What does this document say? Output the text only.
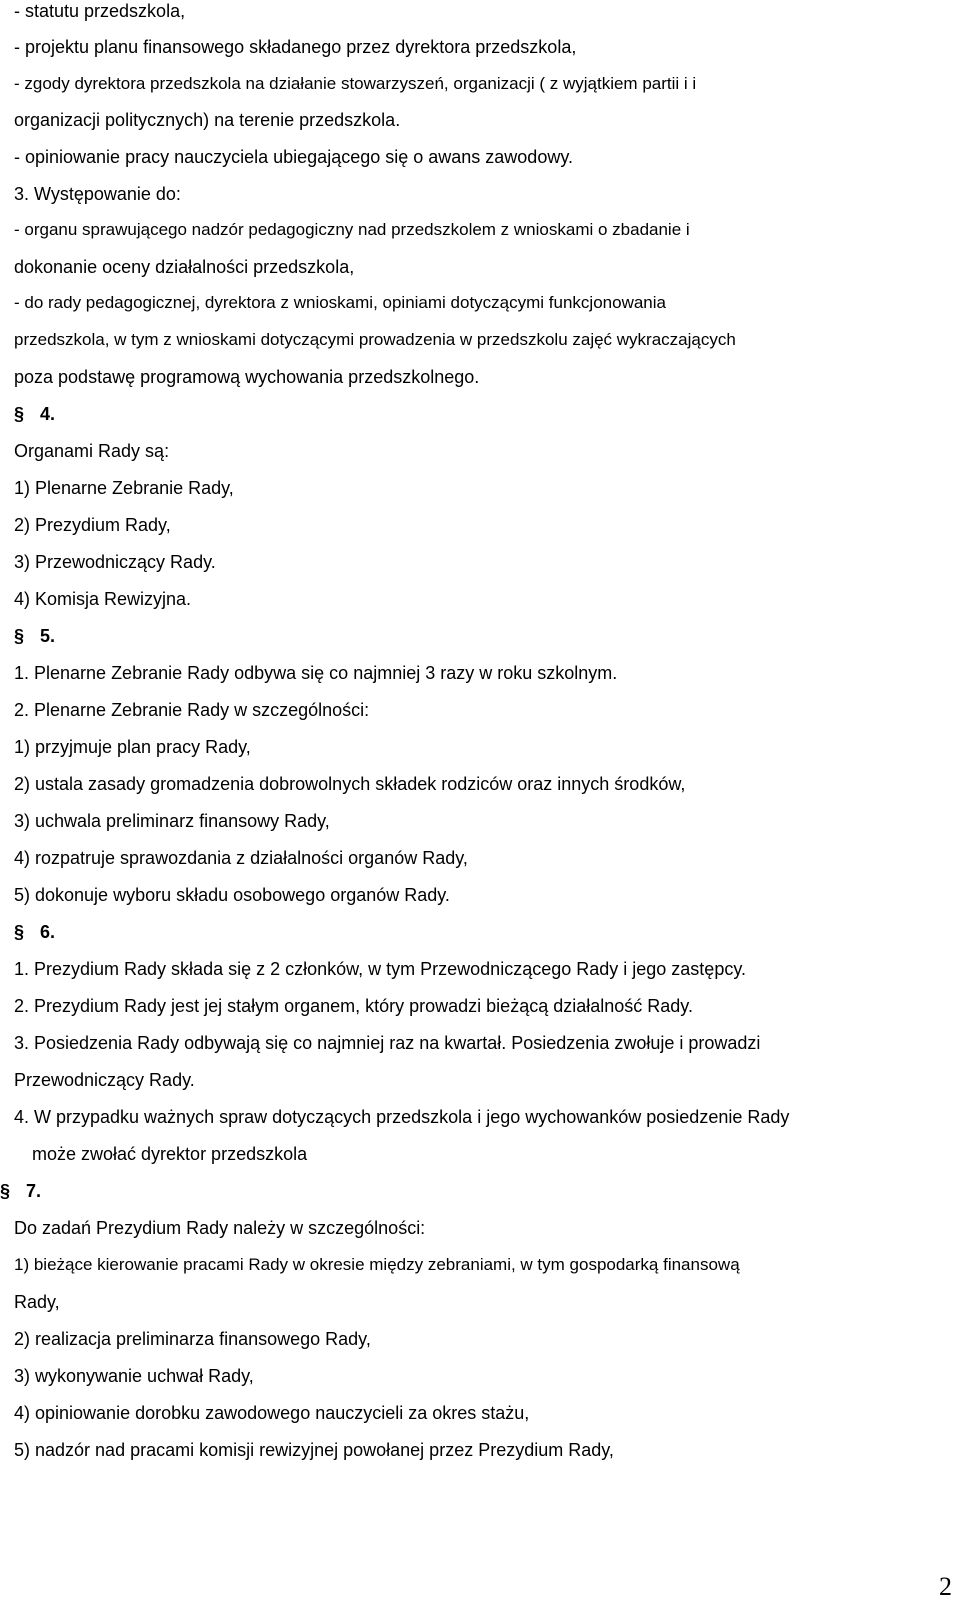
- statutu przedszkola,

- projektu planu finansowego składanego przez dyrektora przedszkola,

- zgody dyrektora przedszkola na działanie stowarzyszeń, organizacji ( z wyjątkiem partii i i

organizacji politycznych) na terenie przedszkola.

- opiniowanie pracy nauczyciela ubiegającego się o awans zawodowy.

3. Występowanie do:

- organu sprawującego nadzór pedagogiczny nad przedszkolem z wnioskami o zbadanie i

dokonanie oceny działalności przedszkola,

- do rady pedagogicznej, dyrektora z wnioskami, opiniami dotyczącymi funkcjonowania

przedszkola, w tym z wnioskami dotyczącymi prowadzenia w przedszkolu zajęć wykraczających

poza podstawę programową wychowania przedszkolnego.

§ 4.

Organami Rady są:

1) Plenarne Zebranie Rady,

2) Prezydium Rady,

3) Przewodniczący Rady.

4) Komisja Rewizyjna.

§ 5.

1. Plenarne Zebranie Rady odbywa się co najmniej 3 razy w roku szkolnym.

2. Plenarne Zebranie Rady w szczególności:

1) przyjmuje plan pracy Rady,

2) ustala zasady gromadzenia dobrowolnych składek rodziców oraz innych środków,

3) uchwala preliminarz finansowy Rady,

4) rozpatruje sprawozdania z działalności organów Rady,

5) dokonuje wyboru składu osobowego organów Rady.

§ 6.

1. Prezydium Rady składa się z 2 członków, w tym Przewodniczącego Rady i jego zastępcy.

2. Prezydium Rady jest jej stałym organem, który prowadzi bieżącą działalność Rady.

3. Posiedzenia Rady odbywają się co najmniej raz na kwartał. Posiedzenia zwołuje i prowadzi

Przewodniczący Rady.

4. W przypadku ważnych spraw dotyczących przedszkola i jego wychowanków posiedzenie Rady

może zwołać dyrektor przedszkola

§ 7.

Do zadań Prezydium Rady należy w szczególności:

1) bieżące kierowanie pracami Rady w okresie między zebraniami, w tym gospodarką finansową

Rady,

2) realizacja preliminarza finansowego Rady,

3) wykonywanie uchwał Rady,

4) opiniowanie dorobku zawodowego nauczycieli za okres stażu,

5) nadzór nad pracami komisji rewizyjnej powołanej przez Prezydium Rady,

2
